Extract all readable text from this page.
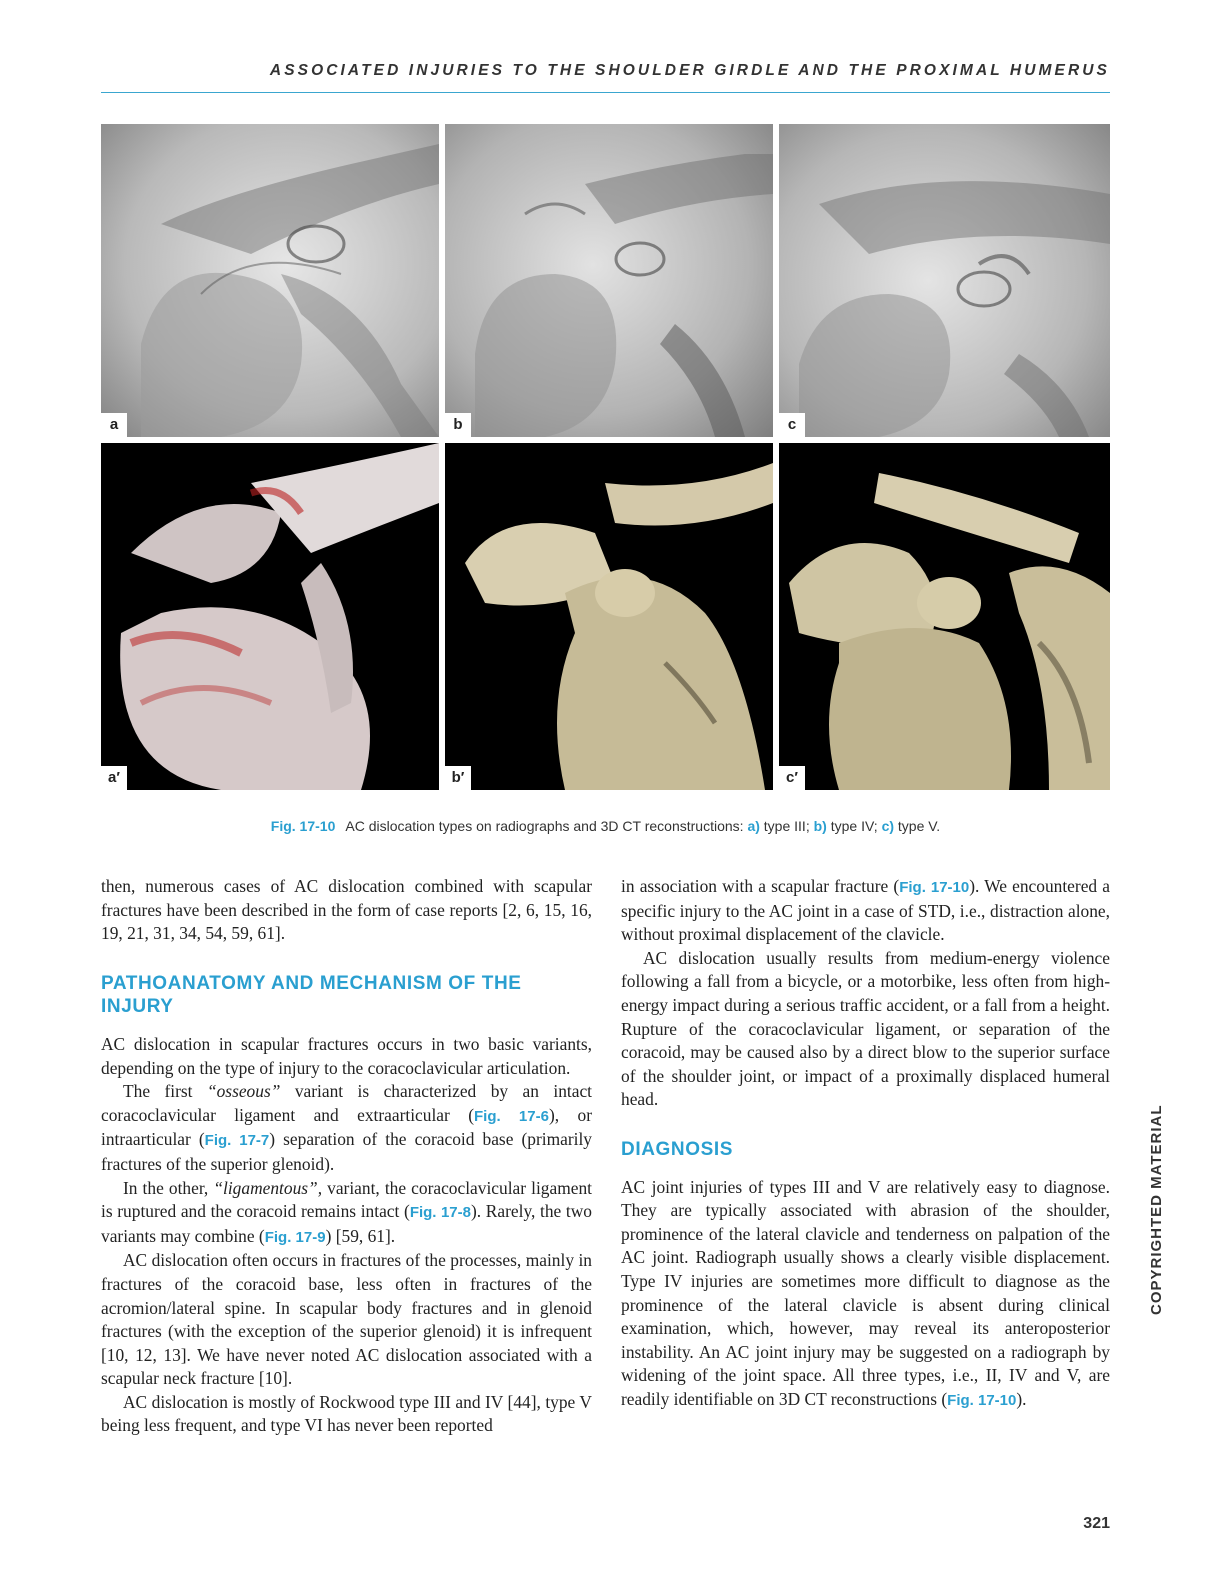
ASSOCIATED INJURIES TO THE SHOULDER GIRDLE AND THE PROXIMAL HUMERUS
a	b	c
a′	b′	c′
Fig. 17-10 AC dislocation types on radiographs and 3D CT reconstructions: a) type III; b) type IV; c) type V.

then, numerous cases of AC dislocation combined with scapular fractures have been described in the form of case reports [2, 6, 15, 16, 19, 21, 31, 34, 54, 59, 61].

PATHOANATOMY AND MECHANISM OF THE INJURY

AC dislocation in scapular fractures occurs in two basic variants, depending on the type of injury to the coracoclavicular articulation.

The first “osseous” variant is characterized by an intact coracoclavicular ligament and extraarticular (Fig. 17-6), or intraarticular (Fig. 17-7) separation of the coracoid base (primarily fractures of the superior glenoid).

In the other, “ligamentous”, variant, the coracoclavicular ligament is ruptured and the coracoid remains intact (Fig. 17-8). Rarely, the two variants may combine (Fig. 17-9) [59, 61].

AC dislocation often occurs in fractures of the processes, mainly in fractures of the coracoid base, less often in fractures of the acromion/lateral spine. In scapular body fractures and in glenoid fractures (with the exception of the superior glenoid) it is infrequent [10, 12, 13]. We have never noted AC dislocation associated with a scapular neck fracture [10].

AC dislocation is mostly of Rockwood type III and IV [44], type V being less frequent, and type VI has never been reported

in association with a scapular fracture (Fig. 17-10). We encountered a specific injury to the AC joint in a case of STD, i.e., distraction alone, without proximal displacement of the clavicle.

AC dislocation usually results from medium-energy violence following a fall from a bicycle, or a motorbike, less often from high-energy impact during a serious traffic accident, or a fall from a height. Rupture of the coracoclavicular ligament, or separation of the coracoid, may be caused also by a direct blow to the superior surface of the shoulder joint, or impact of a proximally displaced humeral head.

DIAGNOSIS

AC joint injuries of types III and V are relatively easy to diagnose. They are typically associated with abrasion of the shoulder, prominence of the lateral clavicle and tenderness on palpation of the AC joint. Radiograph usually shows a clearly visible displacement. Type IV injuries are sometimes more difficult to diagnose as the prominence of the lateral clavicle is absent during clinical examination, which, however, may reveal its anteroposterior instability. An AC joint injury may be suggested on a radiograph by widening of the joint space. All three types, i.e., II, IV and V, are readily identifiable on 3D CT reconstructions (Fig. 17-10).

COPYRIGHTED MATERIAL
321
